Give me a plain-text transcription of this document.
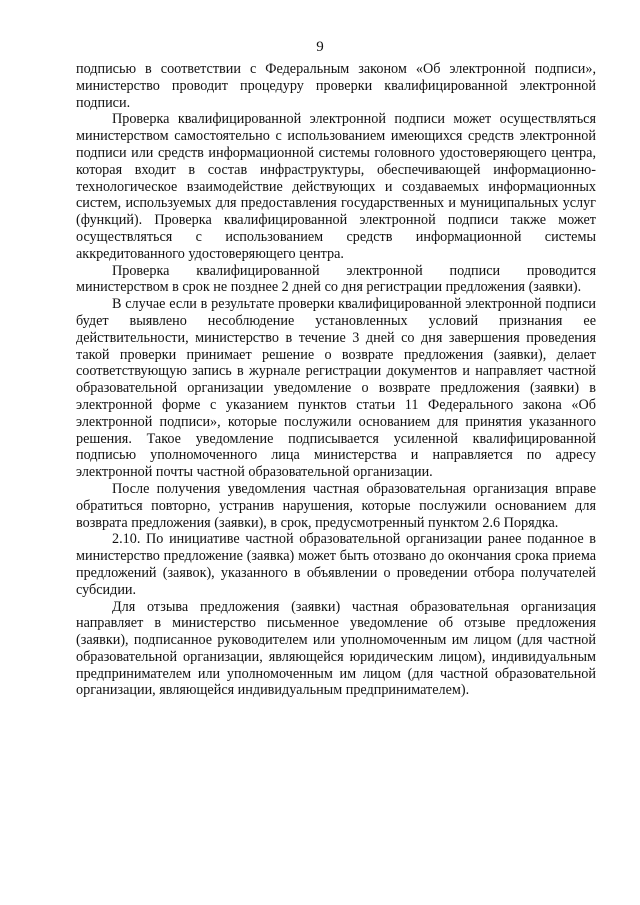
9

подписью в соответствии с Федеральным законом «Об электронной подписи», министерство проводит процедуру проверки квалифицированной электронной подписи.

Проверка квалифицированной электронной подписи может осуществляться министерством самостоятельно с использованием имеющихся средств электронной подписи или средств информационной системы головного удостоверяющего центра, которая входит в состав инфраструктуры, обеспечивающей информационно-технологическое взаимодействие действующих и создаваемых информационных систем, используемых для предоставления государственных и муниципальных услуг (функций). Проверка квалифицированной электронной подписи также может осуществляться с использованием средств информационной системы аккредитованного удостоверяющего центра.

Проверка квалифицированной электронной подписи проводится министерством в срок не позднее 2 дней со дня регистрации предложения (заявки).

В случае если в результате проверки квалифицированной электронной подписи будет выявлено несоблюдение установленных условий признания ее действительности, министерство в течение 3 дней со дня завершения проведения такой проверки принимает решение о возврате предложения (заявки), делает соответствующую запись в журнале регистрации документов и направляет частной образовательной организации уведомление о возврате предложения (заявки) в электронной форме с указанием пунктов статьи 11 Федерального закона «Об электронной подписи», которые послужили основанием для принятия указанного решения. Такое уведомление подписывается усиленной квалифицированной подписью уполномоченного лица министерства и направляется по адресу электронной почты частной образовательной организации.

После получения уведомления частная образовательная организация вправе обратиться повторно, устранив нарушения, которые послужили основанием для возврата предложения (заявки), в срок, предусмотренный пунктом 2.6 Порядка.

2.10. По инициативе частной образовательной организации ранее поданное в министерство предложение (заявка) может быть отозвано до окончания срока приема предложений (заявок), указанного в объявлении о проведении отбора получателей субсидии.

Для отзыва предложения (заявки) частная образовательная организация направляет в министерство письменное уведомление об отзыве предложения (заявки), подписанное руководителем или уполномоченным им лицом (для частной образовательной организации, являющейся юридическим лицом), индивидуальным предпринимателем или уполномоченным им лицом (для частной образовательной организации, являющейся индивидуальным предпринимателем).
